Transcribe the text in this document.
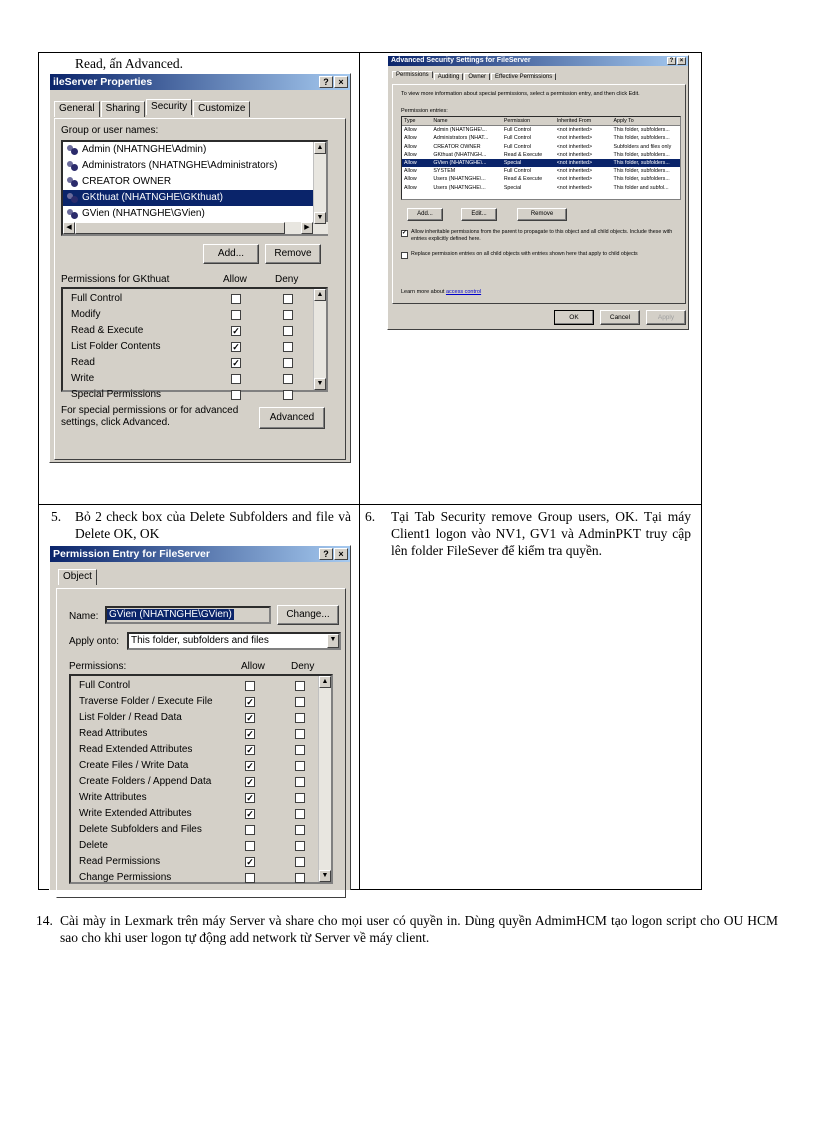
Read, ấn Advanced.
ileServer Properties	?	×
General	Sharing	Security	Customize
Group or user names:
Admin (NHATNGHE\Admin)
Administrators (NHATNGHE\Administrators)
CREATOR OWNER
GKthuat (NHATNGHE\GKthuat)
GVien (NHATNGHE\GVien)
◀	▶
▲
▼
Add...	Remove
Permissions for GKthuat	Allow	Deny
Full Control
Modify
Read & Execute	✓
List Folder Contents	✓
Read	✓
Write
Special Permissions
▲
▼
For special permissions or for advanced settings, click Advanced.	Advanced
Advanced Security Settings for FileServer	?	×
Permissions	Auditing	Owner	Effective Permissions
To view more information about special permissions, select a permission entry, and then click Edit.
Permission entries:
Type	Name	Permission	Inherited From	Apply To
Allow	Admin (NHATNGHE\...	Full Control	<not inherited>	This folder, subfolders...
Allow	Administrators (NHAT...	Full Control	<not inherited>	This folder, subfolders...
Allow	CREATOR OWNER	Full Control	<not inherited>	Subfolders and files only
Allow	GKthuat (NHATNGH...	Read & Execute	<not inherited>	This folder, subfolders...
Allow	GVien (NHATNGHE\...	Special	<not inherited>	This folder, subfolders...
Allow	SYSTEM	Full Control	<not inherited>	This folder, subfolders...
Allow	Users (NHATNGHE\...	Read & Execute	<not inherited>	This folder, subfolders...
Allow	Users (NHATNGHE\...	Special	<not inherited>	This folder and subfol...
Add...	Edit...	Remove
✓ Allow inheritable permissions from the parent to propagate to this object and all child objects. Include these with entries explicitly defined here.
Replace permission entries on all child objects with entries shown here that apply to child objects
Learn more about access control
OK	Cancel	Apply
5. Bỏ 2 check box của Delete Subfolders and file và Delete OK, OK
Permission Entry for FileServer	?	×
Object
Name:	GVien (NHATNGHE\GVien)	Change...
Apply onto:	This folder, subfolders and files	▼
Permissions:	Allow	Deny
Full Control
Traverse Folder / Execute File	✓
List Folder / Read Data	✓
Read Attributes	✓
Read Extended Attributes	✓
Create Files / Write Data	✓
Create Folders / Append Data	✓
Write Attributes	✓
Write Extended Attributes	✓
Delete Subfolders and Files
Delete
Read Permissions	✓
Change Permissions
▲
▼
6. Tại Tab Security remove Group users, OK. Tại máy Client1 logon vào NV1, GV1 và AdminPKT truy cập lên folder FileSever để kiểm tra quyền.
14. Cài mày in Lexmark trên máy Server và share cho mọi user có quyền in. Dùng quyền AdmimHCM tạo logon script cho OU HCM sao cho khi user logon tự động add network từ Server về máy client.
